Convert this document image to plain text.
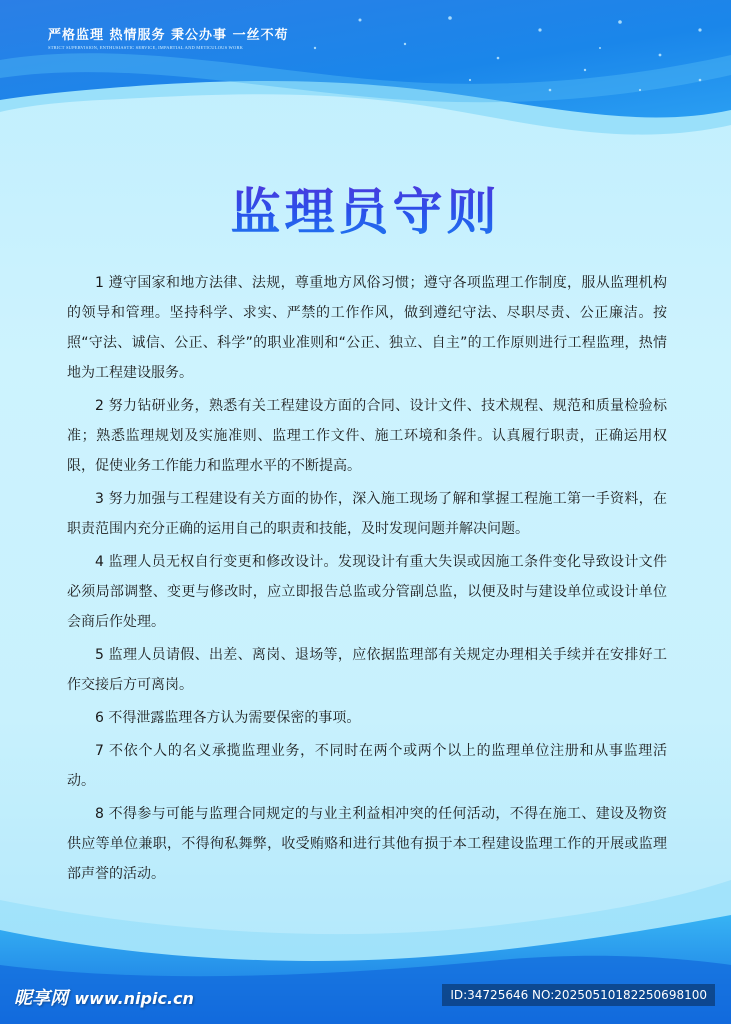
严格监理 热情服务 秉公办事 一丝不苟
STRICT SUPERVISION, ENTHUSIASTIC SERVICE, IMPARTIAL AND METICULOUS WORK
监理员守则

1 遵守国家和地方法律、法规，尊重地方风俗习惯；遵守各项监理工作制度，服从监理机构的领导和管理。坚持科学、求实、严禁的工作作风，做到遵纪守法、尽职尽责、公正廉洁。按照“守法、诚信、公正、科学”的职业准则和“公正、独立、自主”的工作原则进行工程监理，热情地为工程建设服务。

2 努力钻研业务，熟悉有关工程建设方面的合同、设计文件、技术规程、规范和质量检验标准；熟悉监理规划及实施准则、监理工作文件、施工环境和条件。认真履行职责，正确运用权限，促使业务工作能力和监理水平的不断提高。

3 努力加强与工程建设有关方面的协作，深入施工现场了解和掌握工程施工第一手资料，在职责范围内充分正确的运用自己的职责和技能，及时发现问题并解决问题。

4 监理人员无权自行变更和修改设计。发现设计有重大失误或因施工条件变化导致设计文件必须局部调整、变更与修改时，应立即报告总监或分管副总监，以便及时与建设单位或设计单位会商后作处理。

5 监理人员请假、出差、离岗、退场等，应依据监理部有关规定办理相关手续并在安排好工作交接后方可离岗。

6 不得泄露监理各方认为需要保密的事项。

7 不依个人的名义承揽监理业务，不同时在两个或两个以上的监理单位注册和从事监理活动。

8 不得参与可能与监理合同规定的与业主利益相冲突的任何活动，不得在施工、建设及物资供应等单位兼职，不得徇私舞弊，收受贿赂和进行其他有损于本工程建设监理工作的开展或监理部声誉的活动。

昵享网 www.nipic.cn	ID:34725646 NO:20250510182250698100
